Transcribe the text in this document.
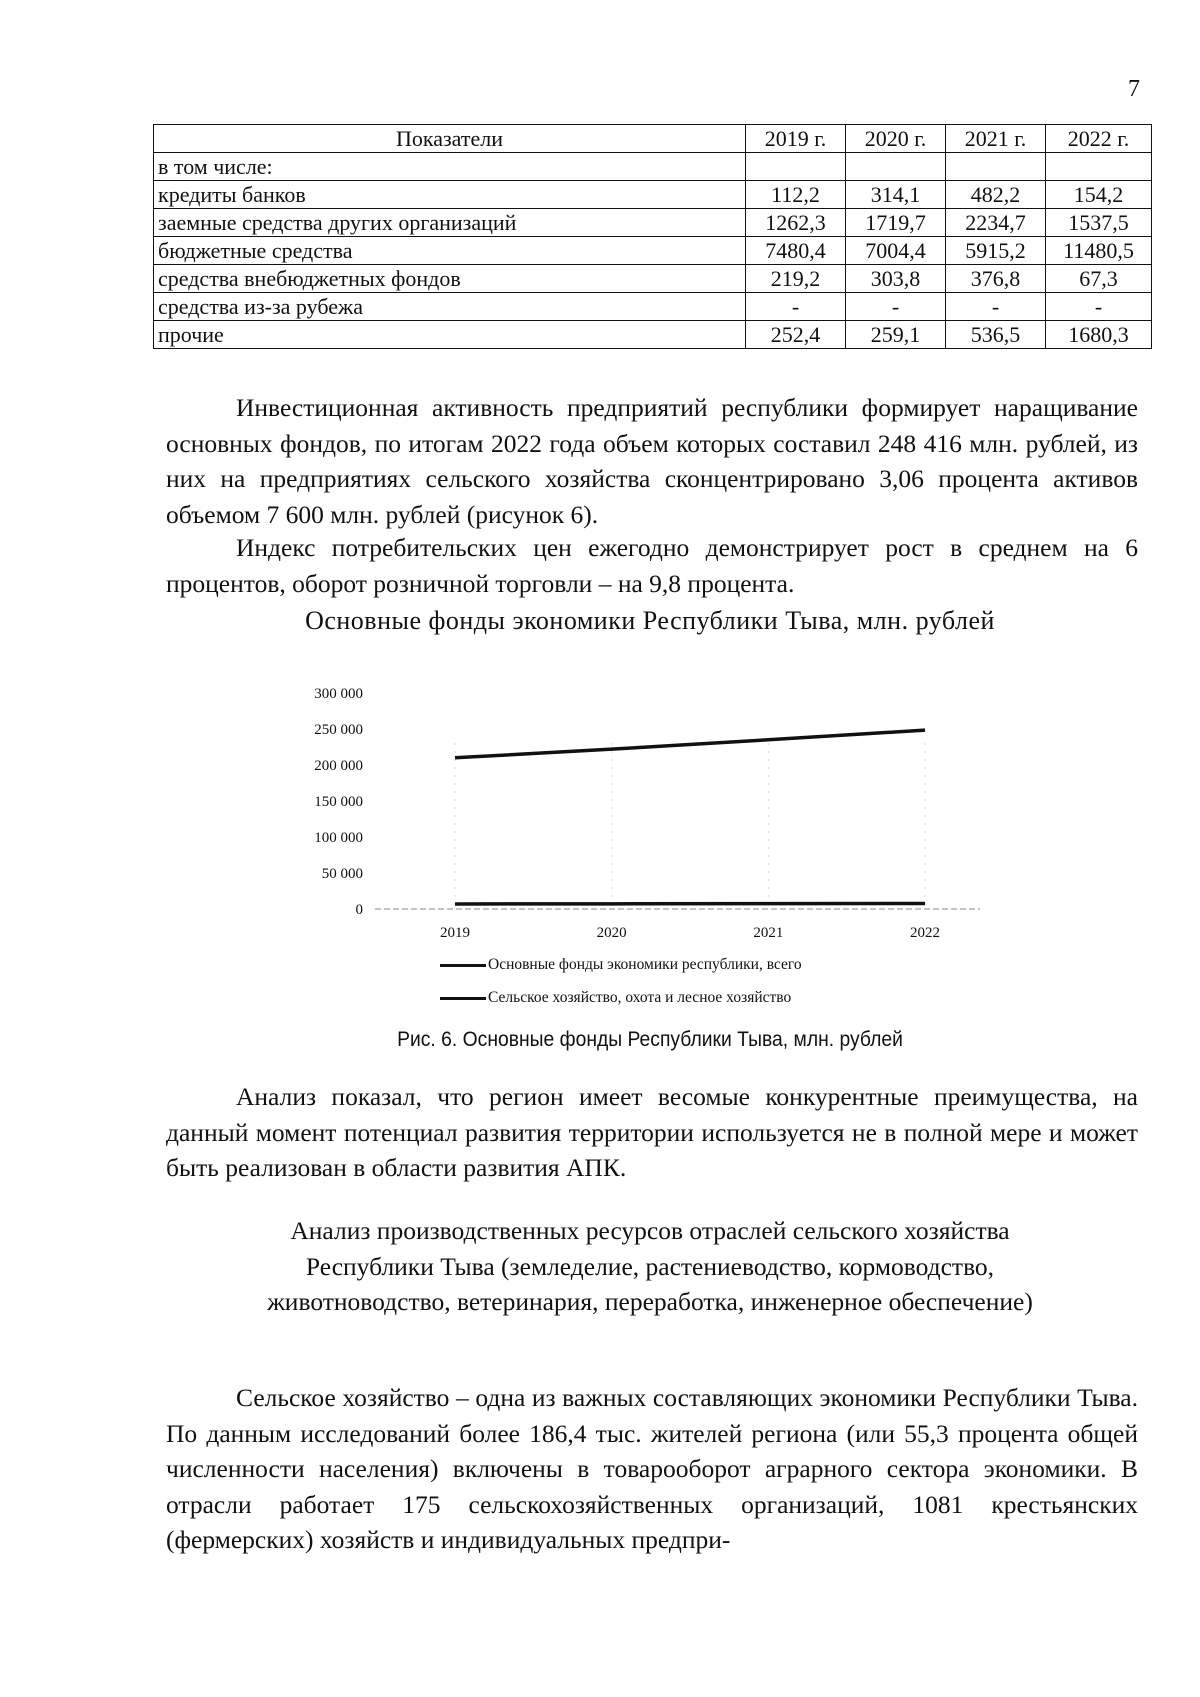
7
Показатели	2019 г.	2020 г.	2021 г.	2022 г.
в том числе:				
кредиты банков	112,2	314,1	482,2	154,2
заемные средства других организаций	1262,3	1719,7	2234,7	1537,5
бюджетные средства	7480,4	7004,4	5915,2	11480,5
средства внебюджетных фондов	219,2	303,8	376,8	67,3
средства из-за рубежа	-	-	-	-
прочие	252,4	259,1	536,5	1680,3

Инвестиционная активность предприятий республики формирует наращивание основных фондов, по итогам 2022 года объем которых составил 248 416 млн. рублей, из них на предприятиях сельского хозяйства сконцентрировано 3,06 процента активов объемом 7 600 млн. рублей (рисунок 6).

Индекс потребительских цен ежегодно демонстрирует рост в среднем на 6 процентов, оборот розничной торговли – на 9,8 процента.

Основные фонды экономики Республики Тыва, млн. рублей
0
50 000
100 000
150 000
200 000
250 000
300 000
2019	2020	2021	2022
Основные фонды экономики республики, всего
Сельское хозяйство, охота и лесное хозяйство
Рис. 6. Основные фонды Республики Тыва, млн. рублей

Анализ показал, что регион имеет весомые конкурентные преимущества, на данный момент потенциал развития территории используется не в полной мере и может быть реализован в области развития АПК.

Анализ производственных ресурсов отраслей сельского хозяйства Республики Тыва (земледелие, растениеводство, кормоводство, животноводство, ветеринария, переработка, инженерное обеспечение)

Сельское хозяйство – одна из важных составляющих экономики Республики Тыва. По данным исследований более 186,4 тыс. жителей региона (или 55,3 процента общей численности населения) включены в товарооборот аграрного сектора экономики. В отрасли работает 175 сельскохозяйственных организаций, 1081 крестьянских (фермерских) хозяйств и индивидуальных предпри-
